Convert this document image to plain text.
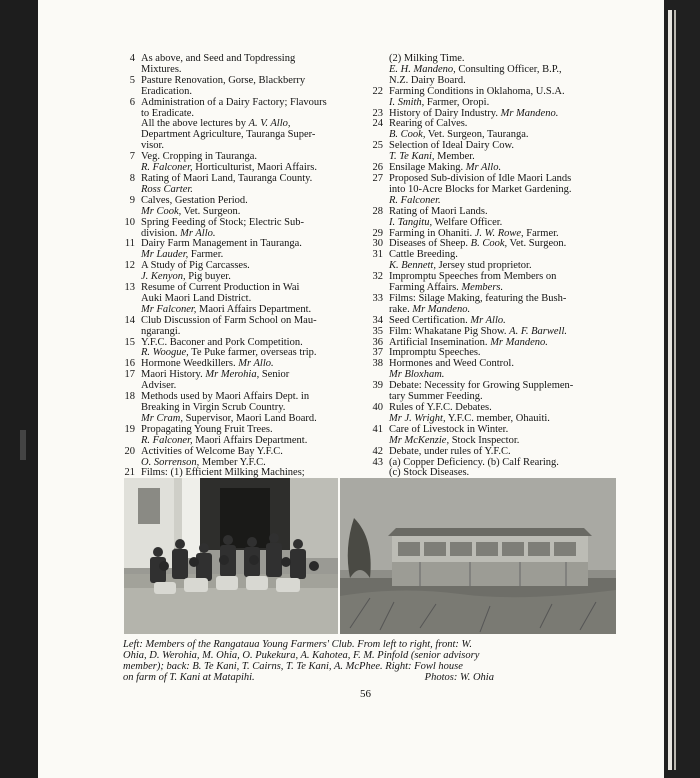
4 As above, and Seed and Topdressing
Mixtures.
5 Pasture Renovation, Gorse, Blackberry
Eradication.
6 Administration of a Dairy Factory; Flavours
to Eradicate.
All the above lectures by A. V. Allo,
Department Agriculture, Tauranga Super-
visor.
7 Veg. Cropping in Tauranga.
R. Falconer, Horticulturist, Maori Affairs.
8 Rating of Maori Land, Tauranga County.
Ross Carter.
9 Calves, Gestation Period.
Mr Cook, Vet. Surgeon.
10 Spring Feeding of Stock; Electric Sub-
division. Mr Allo.
11 Dairy Farm Management in Tauranga.
Mr Lauder, Farmer.
12 A Study of Pig Carcasses.
J. Kenyon, Pig buyer.
13 Resume of Current Production in Wai
Auki Maori Land District.
Mr Falconer, Maori Affairs Department.
14 Club Discussion of Farm School on Mau-
ngarangi.
15 Y.F.C. Baconer and Pork Competition.
R. Woogue, Te Puke farmer, overseas trip.
16 Hormone Weedkillers. Mr Allo.
17 Maori History. Mr Merohia, Senior
Adviser.
18 Methods used by Maori Affairs Dept. in
Breaking in Virgin Scrub Country.
Mr Cram, Supervisor, Maori Land Board.
19 Propagating Young Fruit Trees.
R. Falconer, Maori Affairs Department.
20 Activities of Welcome Bay Y.F.C.
O. Sorrenson, Member Y.F.C.
21 Films: (1) Efficient Milking Machines;
(2) Milking Time.
E. H. Mandeno, Consulting Officer, B.P.,
N.Z. Dairy Board.
22 Farming Conditions in Oklahoma, U.S.A.
I. Smith, Farmer, Oropi.
23 History of Dairy Industry. Mr Mandeno.
24 Rearing of Calves.
B. Cook, Vet. Surgeon, Tauranga.
25 Selection of Ideal Dairy Cow.
T. Te Kani, Member.
26 Ensilage Making. Mr Allo.
27 Proposed Sub-division of Idle Maori Lands
into 10-Acre Blocks for Market Gardening.
R. Falconer.
28 Rating of Maori Lands.
I. Tangitu, Welfare Officer.
29 Farming in Ohaniti. J. W. Rowe, Farmer.
30 Diseases of Sheep. B. Cook, Vet. Surgeon.
31 Cattle Breeding.
K. Bennett, Jersey stud proprietor.
32 Impromptu Speeches from Members on
Farming Affairs. Members.
33 Films: Silage Making, featuring the Bush-
rake. Mr Mandeno.
34 Seed Certification. Mr Allo.
35 Film: Whakatane Pig Show. A. F. Barwell.
36 Artificial Insemination. Mr Mandeno.
37 Impromptu Speeches.
38 Hormones and Weed Control.
Mr Bloxham.
39 Debate: Necessity for Growing Supplemen-
tary Summer Feeding.
40 Rules of Y.F.C. Debates.
Mr J. Wright, Y.F.C. member, Ohauiti.
41 Care of Livestock in Winter.
Mr McKenzie, Stock Inspector.
42 Debate, under rules of Y.F.C.
43 (a) Copper Deficiency. (b) Calf Rearing.
(c) Stock Diseases.
Left: Members of the Rangataua Young Farmers' Club. From left to right, front: W.
Ohia, D. Werohia, M. Ohia, O. Pukekura, A. Kahotea, F. M. Pinfold (senior advisory
member); back: B. Te Kani, T. Cairns, T. Te Kani, A. McPhee. Right: Fowl house
on farm of T. Kani at Matapihi.	Photos: W. Ohia
56
